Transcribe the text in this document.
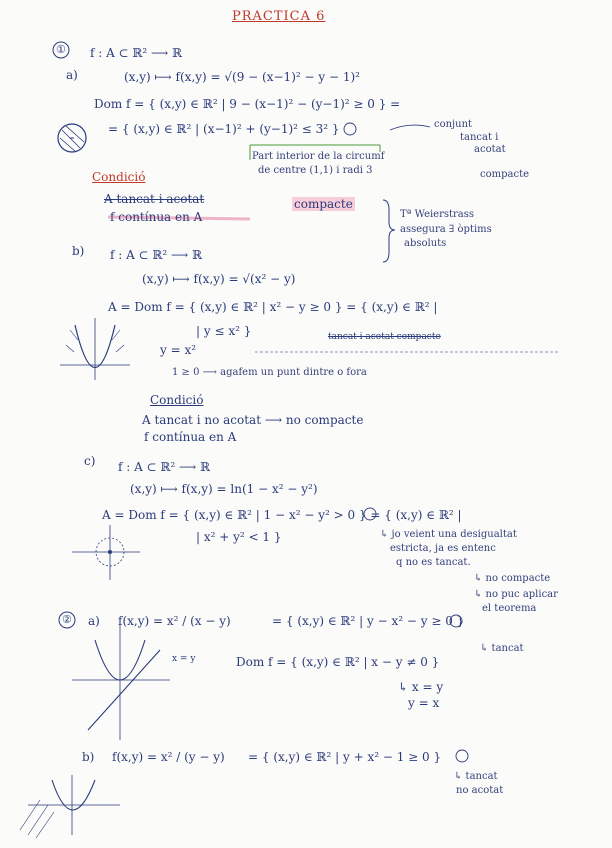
PRACTICA 6
① f : A ⊂ ℝ² ⟶ ℝ
a)	(x,y) ⟼ f(x,y) = √(9 − (x−1)² − y − 1)²
Dom f = { (x,y) ∈ ℝ² | 9 − (x−1)² − (y−1)² ≥ 0 } =
= { (x,y) ∈ ℝ² | (x−1)² + (y−1)² ≤ 3² }	conjunt
tancat i
acotat
compacte
Part interior de la circumf
de centre (1,1) i radi 3
Condició
A tancat i acotat
f contínua en A
compacte
Tª Weierstrass
assegura ∃ òptims
absoluts
b) f : A ⊂ ℝ² ⟶ ℝ
(x,y) ⟼ f(x,y) = √(x² − y)
A = Dom f = { (x,y) ∈ ℝ² | x² − y ≥ 0 } = { (x,y) ∈ ℝ² |
| y ≤ x² }	tancat i acotat compacte
y = x²
1 ≥ 0 ⟶ agafem un punt dintre o fora
Condició
A tancat i no acotat ⟶ no compacte
f contínua en A
c) f : A ⊂ ℝ² ⟶ ℝ
(x,y) ⟼ f(x,y) = ln(1 − x² − y²)
A = Dom f = { (x,y) ∈ ℝ² | 1 − x² − y² > 0 } = { (x,y) ∈ ℝ² |
| x² + y² < 1 }	↳ jo veient una desigualtat
estricta, ja es entenc
q no es tancat.
↳ no compacte
↳ no puc aplicar
el teorema
② a) f(x,y) = x² / (x − y)	= { (x,y) ∈ ℝ² | y − x² − y ≥ 0 }
↳ tancat
x = y	Dom f = { (x,y) ∈ ℝ² | x − y ≠ 0 }
↳ x = y
y = x
b) f(x,y) = x² / (y − y) = { (x,y) ∈ ℝ² | y + x² − 1 ≥ 0 }
↳ tancat
no acotat
